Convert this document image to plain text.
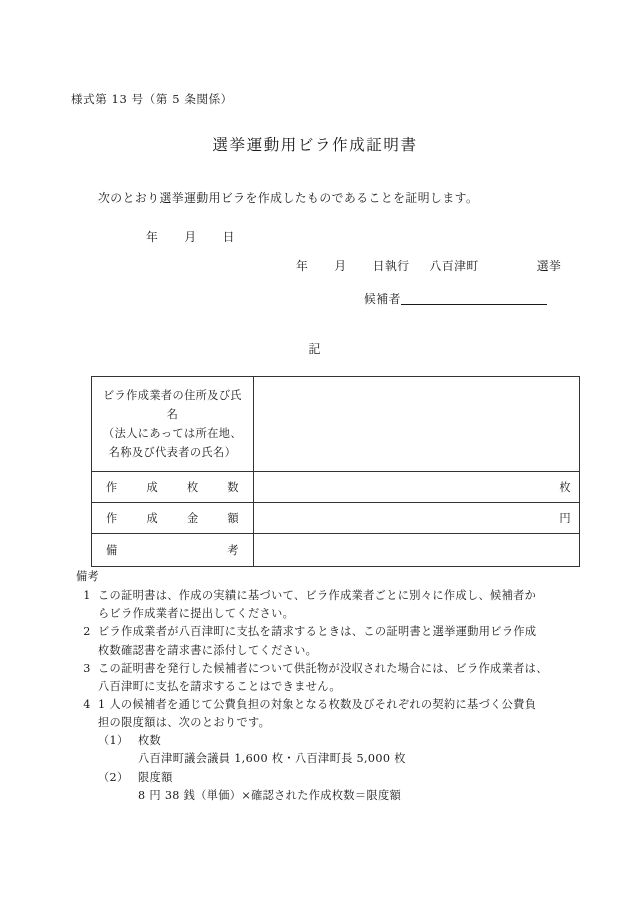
様式第 13 号（第 5 条関係）
選挙運動用ビラ作成証明書
次のとおり選挙運動用ビラを作成したものであることを証明します。
年 月 日
年 月 日執行 八百津町	選挙
候補者
記
ビラ作成業者の住所及び氏名
（法人にあっては所在地、
名称及び代表者の氏名）	

作 成 枚 数	枚

作 成 金 額	円

備 考	

備考
1 この証明書は、作成の実績に基づいて、ビラ作成業者ごとに別々に作成し、候補者か
らビラ作成業者に提出してください。
2 ビラ作成業者が八百津町に支払を請求するときは、この証明書と選挙運動用ビラ作成
枚数確認書を請求書に添付してください。
3 この証明書を発行した候補者について供託物が没収された場合には、ビラ作成業者は、
八百津町に支払を請求することはできません。
4 1 人の候補者を通じて公費負担の対象となる枚数及びそれぞれの契約に基づく公費負
担の限度額は、次のとおりです。
（1） 枚数
八百津町議会議員 1,600 枚・八百津町長 5,000 枚
（2） 限度額
8 円 38 銭（単価）×確認された作成枚数＝限度額
